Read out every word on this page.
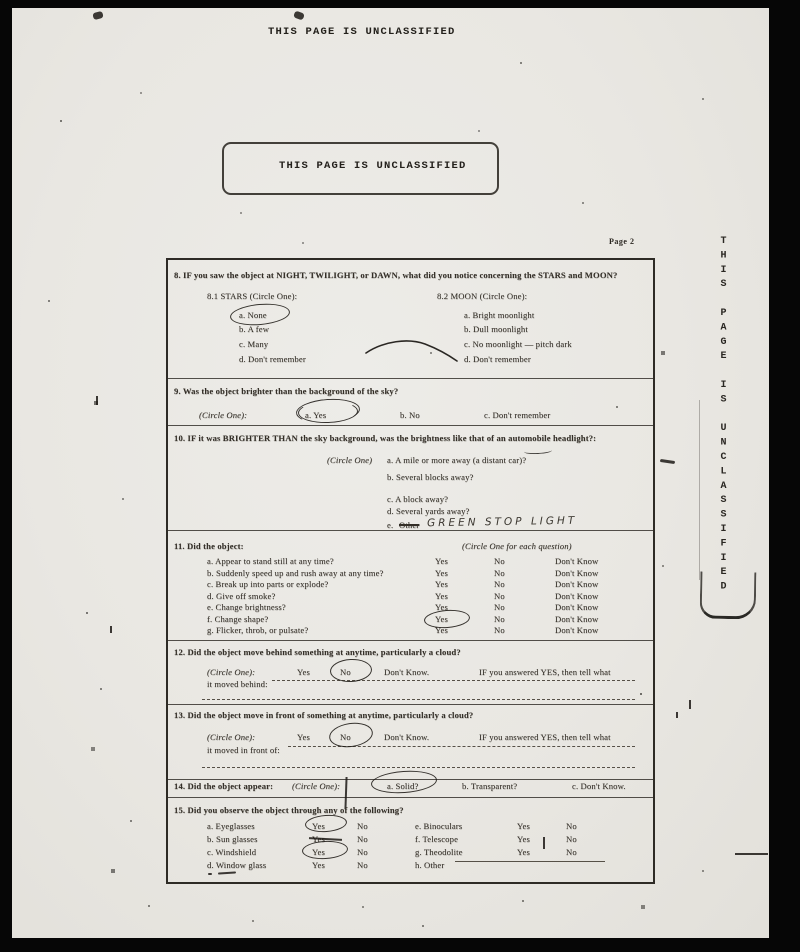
THIS PAGE IS UNCLASSIFIED
THIS PAGE IS UNCLASSIFIED
Page 2	THIS PAGE IS UNCLASSIFIED
8. IF you saw the object at NIGHT, TWILIGHT, or DAWN, what did you notice concerning the STARS and MOON?
8.1 STARS (Circle One):	8.2 MOON (Circle One):
a. None
b. A few
c. Many
d. Don't remember
a. Bright moonlight
b. Dull moonlight
c. No moonlight — pitch dark
d. Don't remember
9. Was the object brighter than the background of the sky?
(Circle One):	a. Yes	b. No	c. Don't remember
10. IF it was BRIGHTER THAN the sky background, was the brightness like that of an automobile headlight?:
(Circle One) a. A mile or more away (a distant car)?
b. Several blocks away?
c. A block away?
d. Several yards away?
e. Other GREEN STOP LIGHT
11. Did the object:	(Circle One for each question)
a. Appear to stand still at any time?	Yes	No	Don't Know
b. Suddenly speed up and rush away at any time?	Yes	No	Don't Know
c. Break up into parts or explode?	Yes	No	Don't Know
d. Give off smoke?	Yes	No	Don't Know
e. Change brightness?	Yes	No	Don't Know
f. Change shape?	Yes	No	Don't Know
g. Flicker, throb, or pulsate?	Yes	No	Don't Know
12. Did the object move behind something at anytime, particularly a cloud?
(Circle One):	Yes	No	Don't Know.	IF you answered YES, then tell what
it moved behind:
13. Did the object move in front of something at anytime, particularly a cloud?
(Circle One):	Yes	No	Don't Know.	IF you answered YES, then tell what
it moved in front of:
14. Did the object appear: (Circle One):	a. Solid?	b. Transparent?	c. Don't Know.
15. Did you observe the object through any of the following?
a. Eyeglasses	Yes	No	e. Binoculars	Yes	No
b. Sun glasses	No	f. Telescope	Yes	No
c. Windshield	Yes	No	g. Theodolite	Yes	No
d. Window glass	Yes	No	h. Other
